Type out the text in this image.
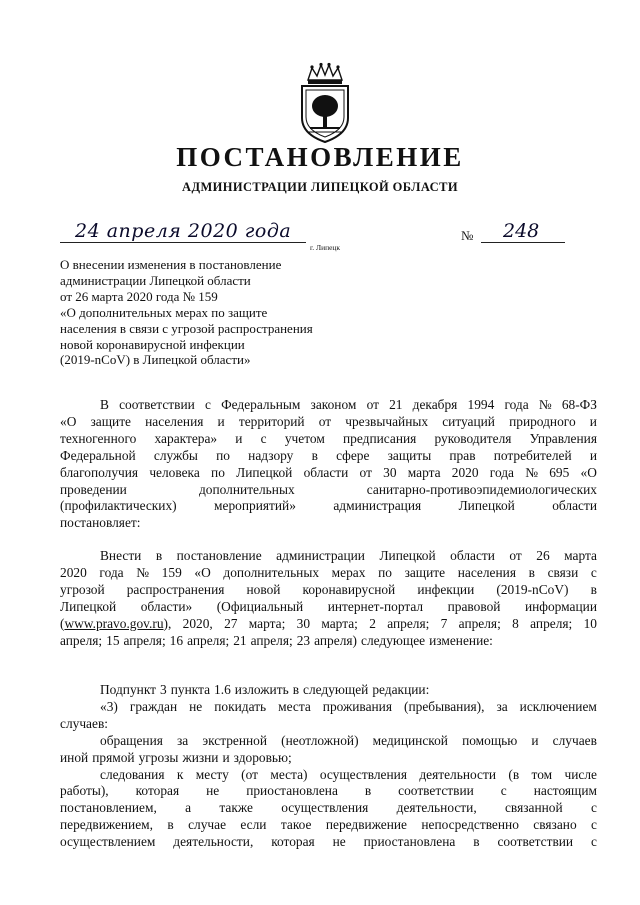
ПОСТАНОВЛЕНИЕ
АДМИНИСТРАЦИИ ЛИПЕЦКОЙ ОБЛАСТИ
24 апреля 2020 года
г. Липецк
№ 248
О внесении изменения в постановление
администрации Липецкой области
от 26 марта 2020 года № 159
«О дополнительных мерах по защите
населения в связи с угрозой распространения
новой коронавирусной инфекции
(2019-nCoV) в Липецкой области»
В соответствии с Федеральным законом от 21 декабря 1994 года № 68-ФЗ
«О защите населения и территорий от чрезвычайных ситуаций природного и
техногенного характера» и с учетом предписания руководителя Управления
Федеральной службы по надзору в сфере защиты прав потребителей и
благополучия человека по Липецкой области от 30 марта 2020 года № 695 «О
проведении	дополнительных	санитарно-противоэпидемиологических
(профилактических)	мероприятий»	администрация	Липецкой	области
постановляет:
Внести в постановление администрации Липецкой области от 26 марта
2020 года № 159 «О дополнительных мерах по защите населения в связи с
угрозой распространения новой коронавирусной инфекции (2019-nCoV) в
Липецкой области» (Официальный интернет-портал правовой информации
(www.pravo.gov.ru), 2020, 27 марта; 30 марта; 2 апреля; 7 апреля; 8 апреля; 10
апреля; 15 апреля; 16 апреля; 21 апреля; 23 апреля) следующее изменение:
Подпункт 3 пункта 1.6 изложить в следующей редакции:
«3) граждан не покидать места проживания (пребывания), за исключением
случаев:
обращения за экстренной (неотложной) медицинской помощью и случаев
иной прямой угрозы жизни и здоровью;
следования к месту (от места) осуществления деятельности (в том числе
работы), которая не приостановлена в соответствии с настоящим
постановлением, а также осуществления деятельности, связанной с
передвижением, в случае если такое передвижение непосредственно связано с
осуществлением деятельности, которая не приостановлена в соответствии с
